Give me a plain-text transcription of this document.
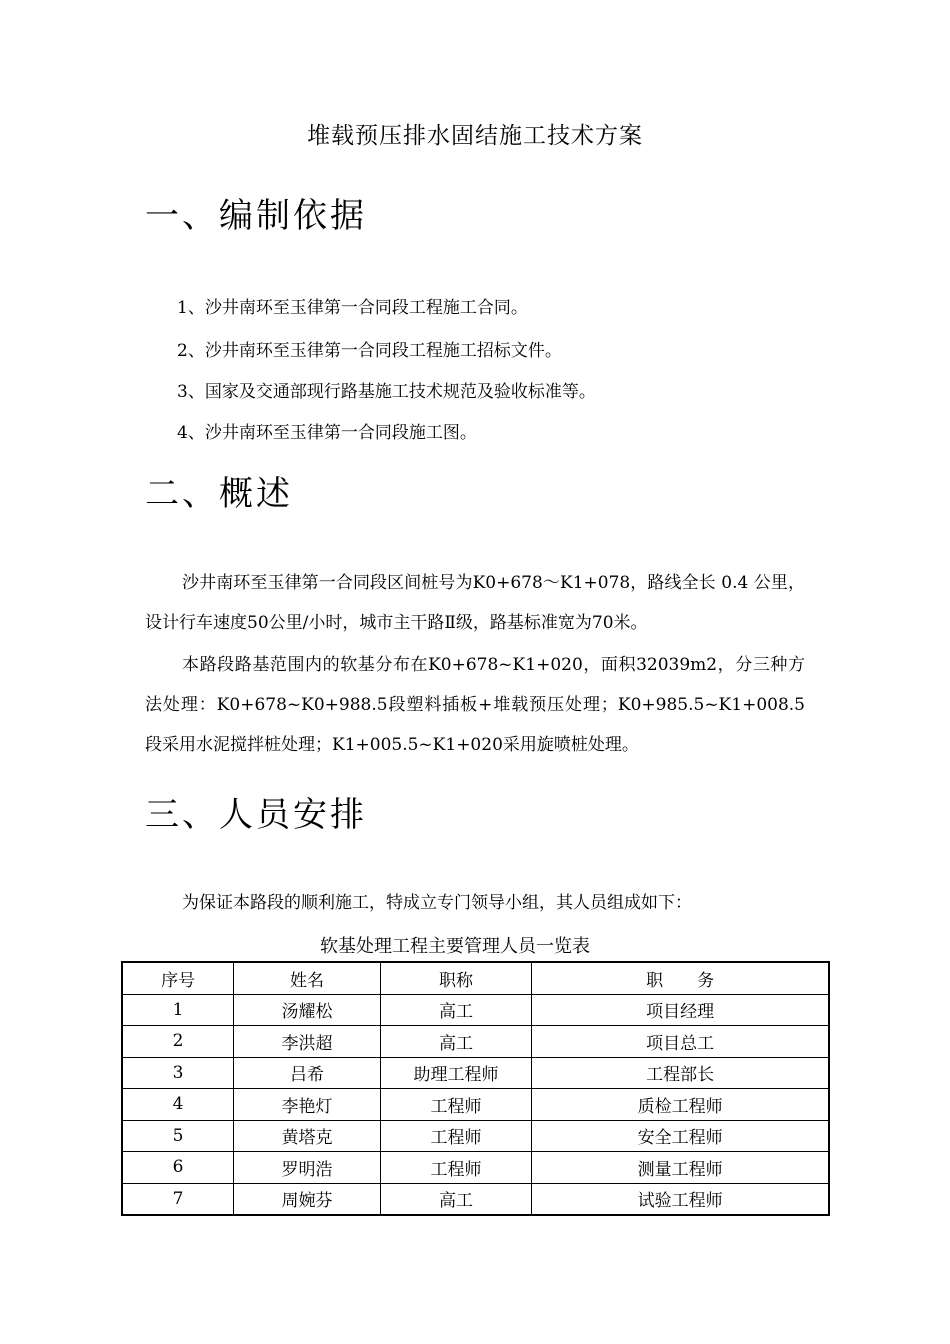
堆载预压排水固结施工技术方案
一、编制依据
1、沙井南环至玉律第一合同段工程施工合同。
2、沙井南环至玉律第一合同段工程施工招标文件。
3、国家及交通部现行路基施工技术规范及验收标准等。
4、沙井南环至玉律第一合同段施工图。
二、概述
沙井南环至玉律第一合同段区间桩号为K0+678～K1+078，路线全长 0.4 公里，设计行车速度50公里/小时，城市主干路Ⅱ级，路基标准宽为70米。
本路段路基范围内的软基分布在K0+678~K1+020，面积32039m2，分三种方法处理：K0+678~K0+988.5段塑料插板+堆载预压处理；K0+985.5~K1+008.5段采用水泥搅拌桩处理；K1+005.5~K1+020采用旋喷桩处理。
三、人员安排
为保证本路段的顺利施工，特成立专门领导小组，其人员组成如下：
软基处理工程主要管理人员一览表
序号	姓名	职称	职　　务
1	汤耀松	高工	项目经理
2	李洪超	高工	项目总工
3	吕希	助理工程师	工程部长
4	李艳灯	工程师	质检工程师
5	黄塔克	工程师	安全工程师
6	罗明浩	工程师	测量工程师
7	周婉芬	高工	试验工程师
